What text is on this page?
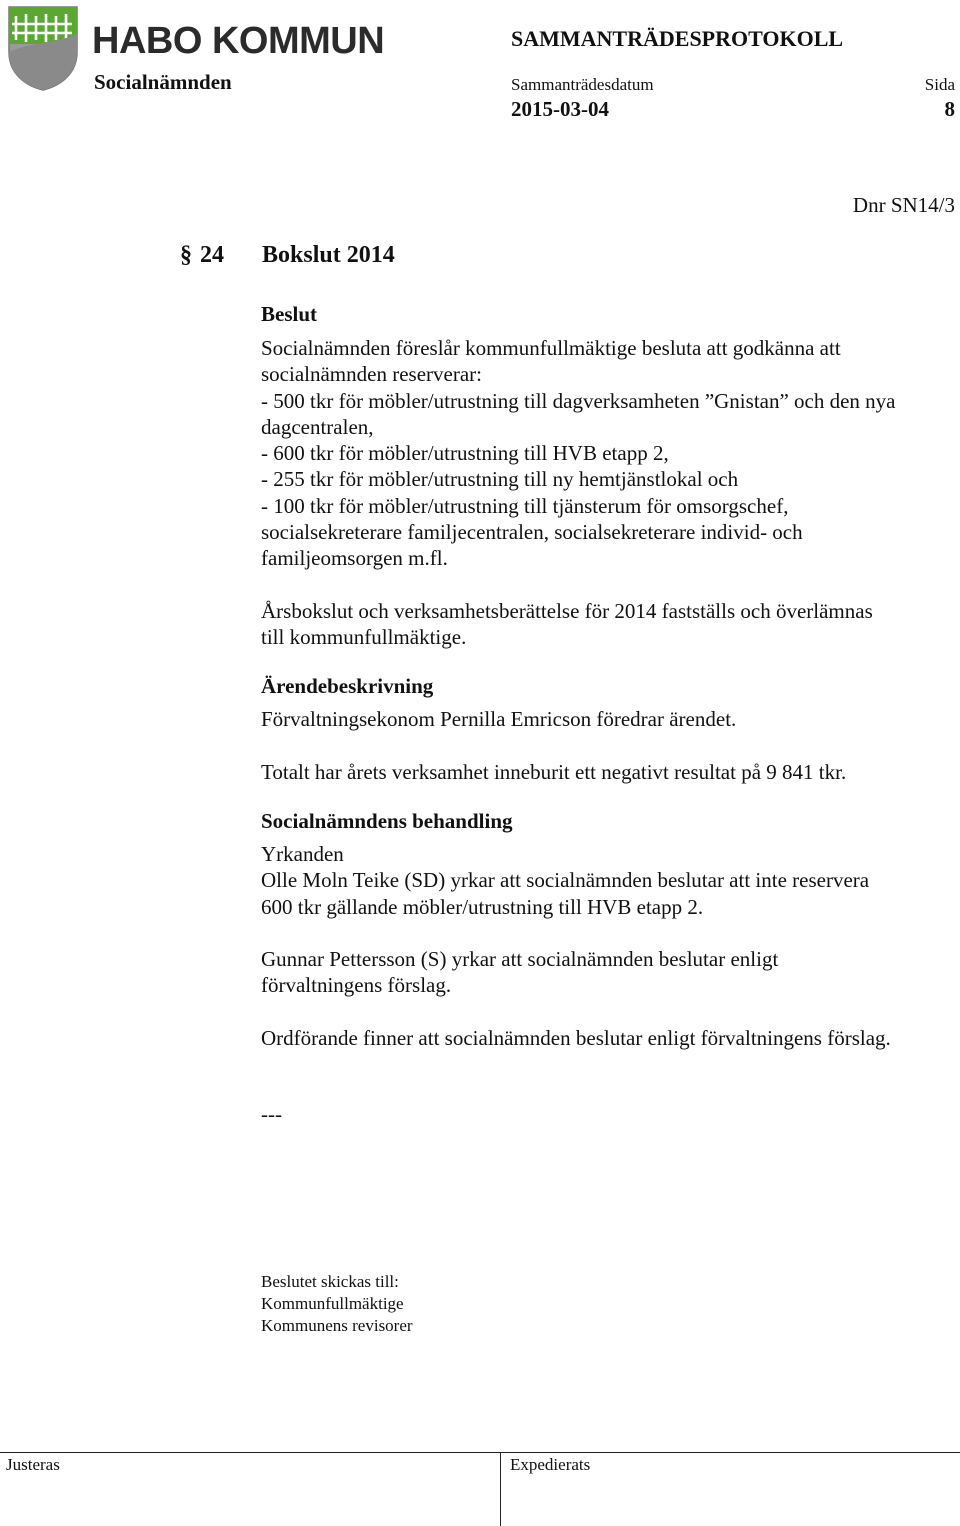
HABO KOMMUN
Socialnämnden
SAMMANTRÄDESPROTOKOLL
Sammanträdesdatum	Sida
2015-03-04	8
Dnr SN14/3
§ 24 Bokslut 2014
Beslut
Socialnämnden föreslår kommunfullmäktige besluta att godkänna att
socialnämnden reserverar:
- 500 tkr för möbler/utrustning till dagverksamheten ”Gnistan” och den nya
dagcentralen,
- 600 tkr för möbler/utrustning till HVB etapp 2,
- 255 tkr för möbler/utrustning till ny hemtjänstlokal och
- 100 tkr för möbler/utrustning till tjänsterum för omsorgschef,
socialsekreterare familjecentralen, socialsekreterare individ- och
familjeomsorgen m.fl.
Årsbokslut och verksamhetsberättelse för 2014 fastställs och överlämnas
till kommunfullmäktige.
Ärendebeskrivning
Förvaltningsekonom Pernilla Emricson föredrar ärendet.
Totalt har årets verksamhet inneburit ett negativt resultat på 9 841 tkr.
Socialnämndens behandling
Yrkanden
Olle Moln Teike (SD) yrkar att socialnämnden beslutar att inte reservera
600 tkr gällande möbler/utrustning till HVB etapp 2.
Gunnar Pettersson (S) yrkar att socialnämnden beslutar enligt
förvaltningens förslag.
Ordförande finner att socialnämnden beslutar enligt förvaltningens förslag.
---
Beslutet skickas till:
Kommunfullmäktige
Kommunens revisorer
Justeras	Expedierats
